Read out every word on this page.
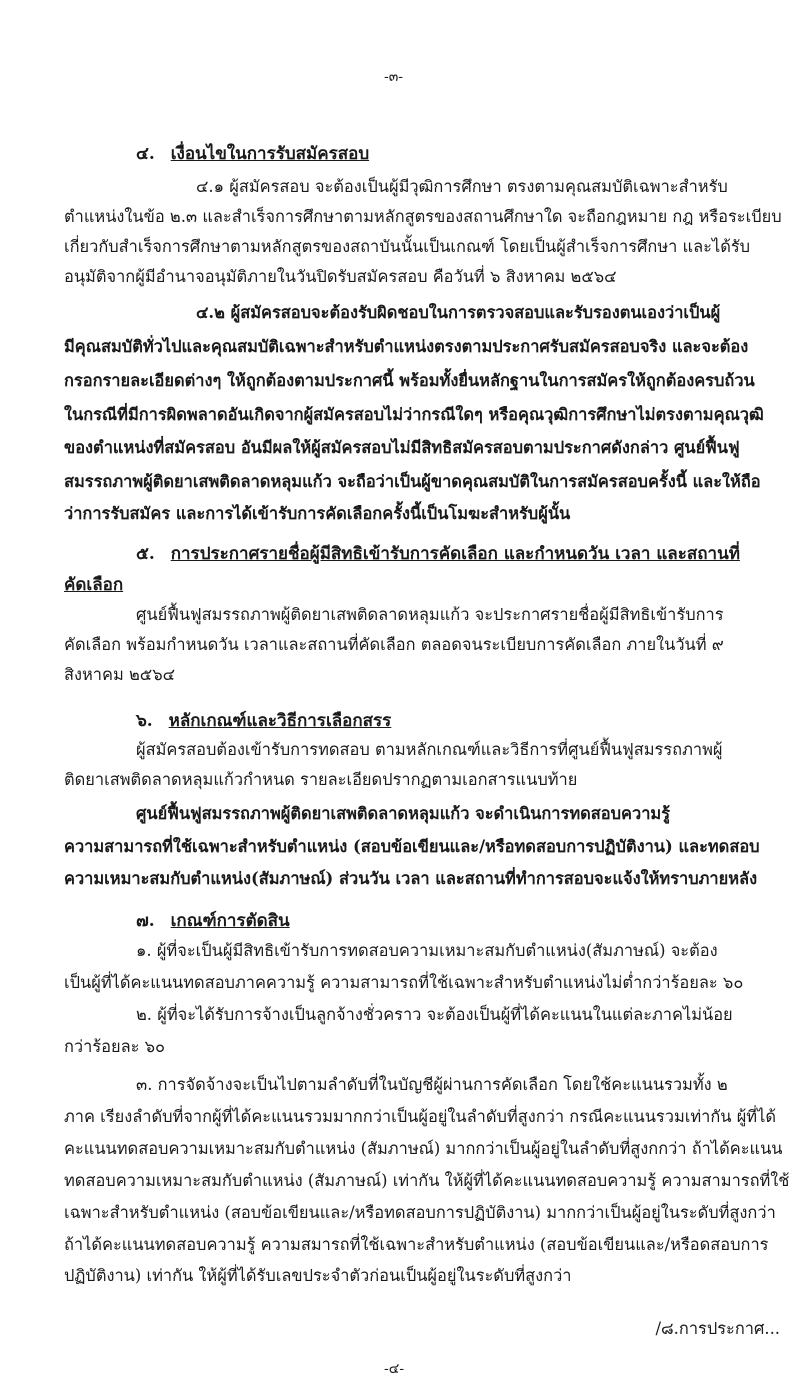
-๓-
๔. เงื่อนไขในการรับสมัครสอบ
๔.๑ ผู้สมัครสอบ จะต้องเป็นผู้มีวุฒิการศึกษา ตรงตามคุณสมบัติเฉพาะสำหรับ
ตำแหน่งในข้อ ๒.๓ และสำเร็จการศึกษาตามหลักสูตรของสถานศึกษาใด จะถือกฎหมาย กฎ หรือระเบียบ
เกี่ยวกับสำเร็จการศึกษาตามหลักสูตรของสถาบันนั้นเป็นเกณฑ์ โดยเป็นผู้สำเร็จการศึกษา และได้รับ
อนุมัติจากผู้มีอำนาจอนุมัติภายในวันปิดรับสมัครสอบ คือวันที่ ๖ สิงหาคม ๒๕๖๔
๔.๒ ผู้สมัครสอบจะต้องรับผิดชอบในการตรวจสอบและรับรองตนเองว่าเป็นผู้
มีคุณสมบัติทั่วไปและคุณสมบัติเฉพาะสำหรับตำแหน่งตรงตามประกาศรับสมัครสอบจริง และจะต้อง
กรอกรายละเอียดต่างๆ ให้ถูกต้องตามประกาศนี้ พร้อมทั้งยื่นหลักฐานในการสมัครให้ถูกต้องครบถ้วน
ในกรณีที่มีการผิดพลาดอันเกิดจากผู้สมัครสอบไม่ว่ากรณีใดๆ หรือคุณวุฒิการศึกษาไม่ตรงตามคุณวุฒิ
ของตำแหน่งที่สมัครสอบ อันมีผลให้ผู้สมัครสอบไม่มีสิทธิสมัครสอบตามประกาศดังกล่าว ศูนย์ฟื้นฟู
สมรรถภาพผู้ติดยาเสพติดลาดหลุมแก้ว จะถือว่าเป็นผู้ขาดคุณสมบัติในการสมัครสอบครั้งนี้ และให้ถือ
ว่าการรับสมัคร และการได้เข้ารับการคัดเลือกครั้งนี้เป็นโมฆะสำหรับผู้นั้น
๕. การประกาศรายชื่อผู้มีสิทธิเข้ารับการคัดเลือก และกำหนดวัน เวลา และสถานที่
คัดเลือก
ศูนย์ฟื้นฟูสมรรถภาพผู้ติดยาเสพติดลาดหลุมแก้ว จะประกาศรายชื่อผู้มีสิทธิเข้ารับการ
คัดเลือก พร้อมกำหนดวัน เวลาและสถานที่คัดเลือก ตลอดจนระเบียบการคัดเลือก ภายในวันที่ ๙
สิงหาคม ๒๕๖๔
๖. หลักเกณฑ์และวิธีการเลือกสรร
ผู้สมัครสอบต้องเข้ารับการทดสอบ ตามหลักเกณฑ์และวิธีการที่ศูนย์ฟื้นฟูสมรรถภาพผู้
ติดยาเสพติดลาดหลุมแก้วกำหนด รายละเอียดปรากฏตามเอกสารแนบท้าย
ศูนย์ฟื้นฟูสมรรถภาพผู้ติดยาเสพติดลาดหลุมแก้ว จะดำเนินการทดสอบความรู้
ความสามารถที่ใช้เฉพาะสำหรับตำแหน่ง (สอบข้อเขียนและ/หรือทดสอบการปฏิบัติงาน) และทดสอบ
ความเหมาะสมกับตำแหน่ง(สัมภาษณ์) ส่วนวัน เวลา และสถานที่ทำการสอบจะแจ้งให้ทราบภายหลัง
๗. เกณฑ์การตัดสิน
๑. ผู้ที่จะเป็นผู้มีสิทธิเข้ารับการทดสอบความเหมาะสมกับตำแหน่ง(สัมภาษณ์) จะต้อง
เป็นผู้ที่ได้คะแนนทดสอบภาคความรู้ ความสามารถที่ใช้เฉพาะสำหรับตำแหน่งไม่ต่ำกว่าร้อยละ ๖๐
๒. ผู้ที่จะได้รับการจ้างเป็นลูกจ้างชั่วคราว จะต้องเป็นผู้ที่ได้คะแนนในแต่ละภาคไม่น้อย
กว่าร้อยละ ๖๐
๓. การจัดจ้างจะเป็นไปตามลำดับที่ในบัญชีผู้ผ่านการคัดเลือก โดยใช้คะแนนรวมทั้ง ๒
ภาค เรียงลำดับที่จากผู้ที่ได้คะแนนรวมมากกว่าเป็นผู้อยู่ในลำดับที่สูงกว่า กรณีคะแนนรวมเท่ากัน ผู้ที่ได้
คะแนนทดสอบความเหมาะสมกับตำแหน่ง (สัมภาษณ์) มากกว่าเป็นผู้อยู่ในลำดับที่สูงกกว่า ถ้าได้คะแนน
ทดสอบความเหมาะสมกับตำแหน่ง (สัมภาษณ์) เท่ากัน ให้ผู้ที่ได้คะแนนทดสอบความรู้ ความสามารถที่ใช้
เฉพาะสำหรับตำแหน่ง (สอบข้อเขียนและ/หรือทดสอบการปฏิบัติงาน) มากกว่าเป็นผู้อยู่ในระดับที่สูงกว่า
ถ้าได้คะแนนทดสอบความรู้ ความสมารถที่ใช้เฉพาะสำหรับตำแหน่ง (สอบข้อเขียนและ/หรือดสอบการ
ปฏิบัติงาน) เท่ากัน ให้ผู้ที่ได้รับเลขประจำตัวก่อนเป็นผู้อยู่ในระดับที่สูงกว่า
/๘.การประกาศ...
-๔-
